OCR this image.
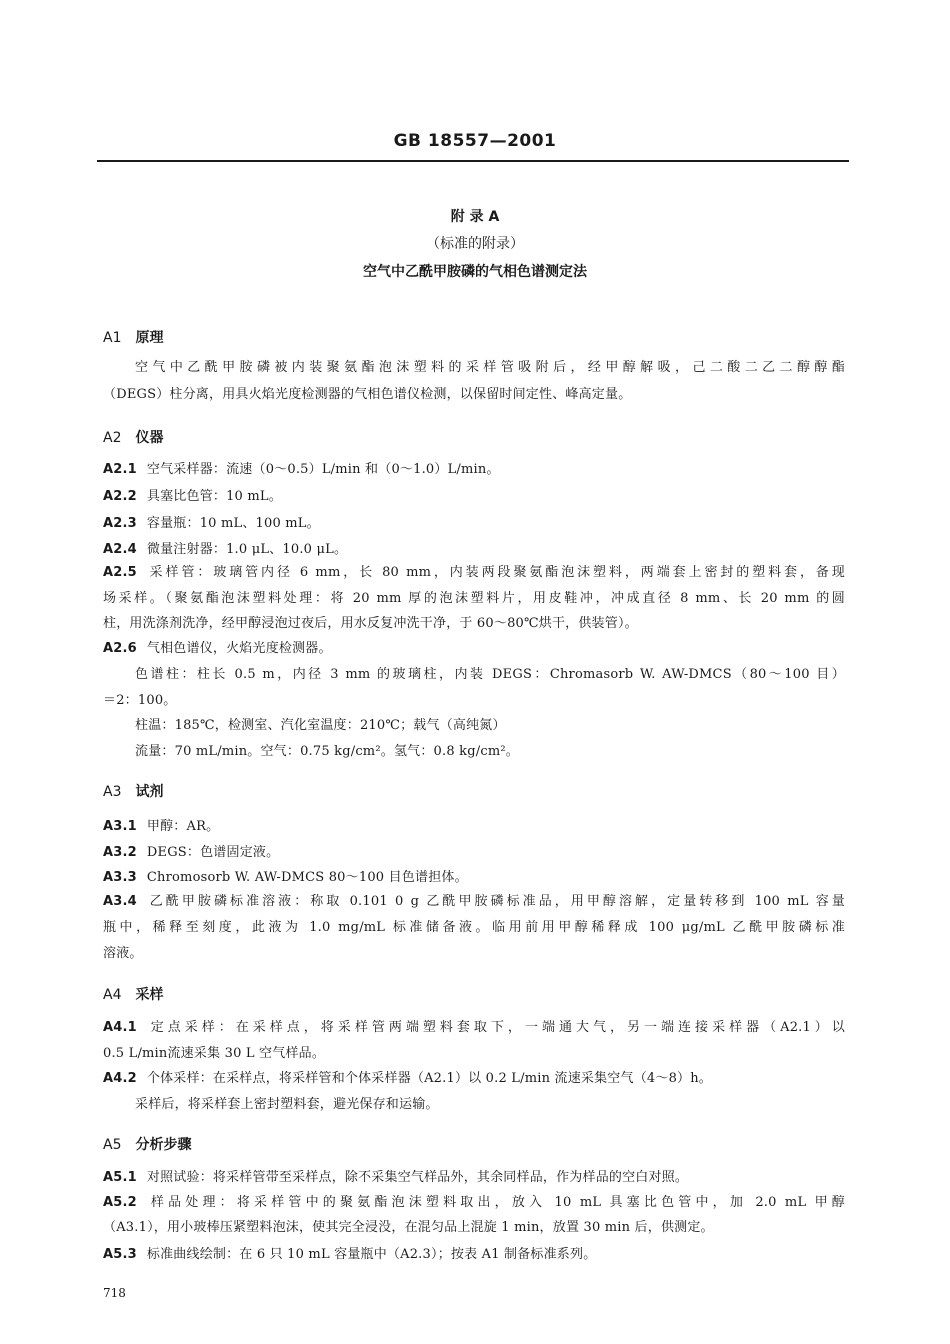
GB 18557—2001
附 录 A
（标准的附录）
空气中乙酰甲胺磷的气相色谱测定法
A1 原理
空气中乙酰甲胺磷被内装聚氨酯泡沫塑料的采样管吸附后，经甲醇解吸，己二酸二乙二醇醇酯
（DEGS）柱分离，用具火焰光度检测器的气相色谱仪检测，以保留时间定性、峰高定量。
A2 仪器
A2.1 空气采样器：流速（0～0.5）L/min 和（0～1.0）L/min。
A2.2 具塞比色管：10 mL。
A2.3 容量瓶：10 mL、100 mL。
A2.4 微量注射器：1.0 μL、10.0 μL。
A2.5 采样管：玻璃管内径 6 mm，长 80 mm，内装两段聚氨酯泡沫塑料，两端套上密封的塑料套，备现
场采样。（聚氨酯泡沫塑料处理：将 20 mm 厚的泡沫塑料片，用皮鞋冲，冲成直径 8 mm、长 20 mm 的圆
柱，用洗涤剂洗净，经甲醇浸泡过夜后，用水反复冲洗干净，于 60～80℃烘干，供装管）。
A2.6 气相色谱仪，火焰光度检测器。
色谱柱：柱长 0.5 m，内径 3 mm 的玻璃柱，内装 DEGS：Chromasorb W. AW-DMCS（80～100 目）
＝2：100。
柱温：185℃，检测室、汽化室温度：210℃；载气（高纯氮）
流量：70 mL/min。空气：0.75 kg/cm²。氢气：0.8 kg/cm²。
A3 试剂
A3.1 甲醇：AR。
A3.2 DEGS：色谱固定液。
A3.3 Chromosorb W. AW-DMCS 80～100 目色谱担体。
A3.4 乙酰甲胺磷标准溶液：称取 0.101 0 g 乙酰甲胺磷标准品，用甲醇溶解，定量转移到 100 mL 容量
瓶中，稀释至刻度，此液为 1.0 mg/mL 标准储备液。临用前用甲醇稀释成 100 μg/mL 乙酰甲胺磷标准
溶液。
A4 采样
A4.1 定点采样：在采样点，将采样管两端塑料套取下，一端通大气，另一端连接采样器（A2.1）以
0.5 L/min流速采集 30 L 空气样品。
A4.2 个体采样：在采样点，将采样管和个体采样器（A2.1）以 0.2 L/min 流速采集空气（4～8）h。
采样后，将采样套上密封塑料套，避光保存和运输。
A5 分析步骤
A5.1 对照试验：将采样管带至采样点，除不采集空气样品外，其余同样品，作为样品的空白对照。
A5.2 样品处理：将采样管中的聚氨酯泡沫塑料取出，放入 10 mL 具塞比色管中，加 2.0 mL 甲醇
（A3.1），用小玻棒压紧塑料泡沫，使其完全浸没，在混匀品上混旋 1 min，放置 30 min 后，供测定。
A5.3 标准曲线绘制：在 6 只 10 mL 容量瓶中（A2.3）；按表 A1 制备标准系列。
718
